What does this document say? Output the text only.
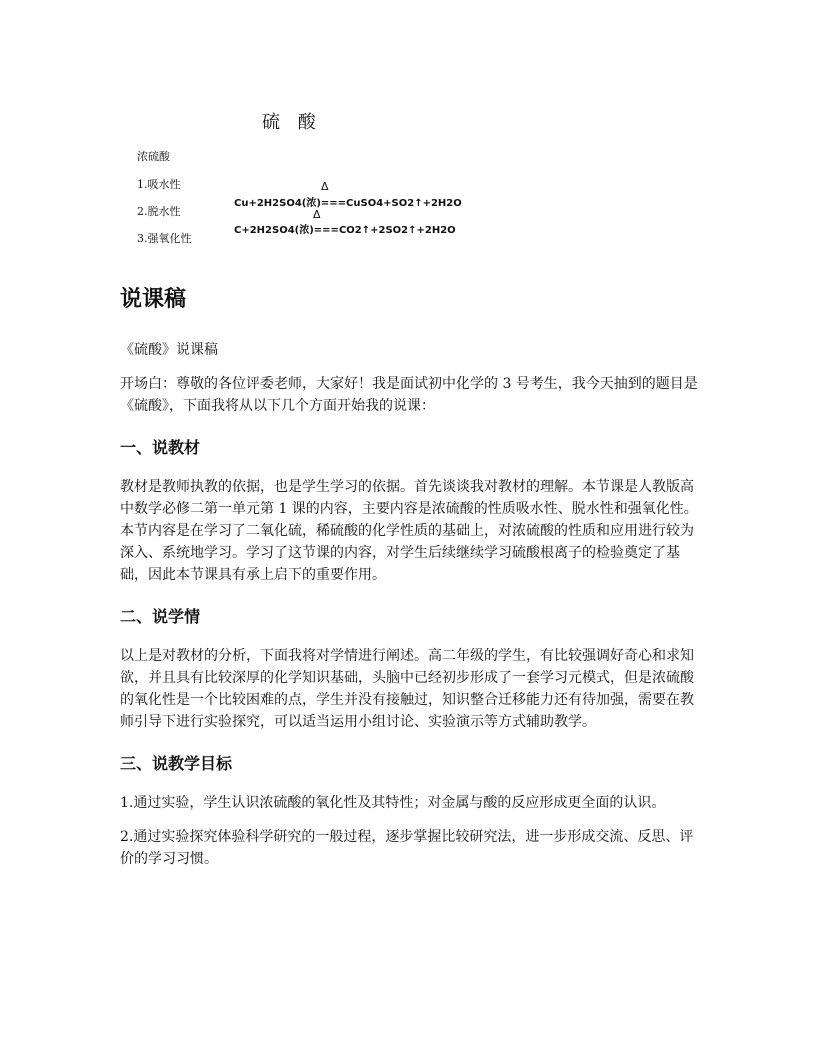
硫 酸
浓硫酸
1.吸水性
2.脱水性
3.强氧化性
Δ
Cu+2H2SO4(浓)===CuSO4+SO2↑+2H2O
Δ
C+2H2SO4(浓)===CO2↑+2SO2↑+2H2O
说课稿

《硫酸》说课稿

开场白：尊敬的各位评委老师，大家好！我是面试初中化学的 3 号考生，我今天抽到的题目是《硫酸》，下面我将从以下几个方面开始我的说课：

一、说教材

教材是教师执教的依据，也是学生学习的依据。首先谈谈我对教材的理解。本节课是人教版高中数学必修二第一单元第 1 课的内容，主要内容是浓硫酸的性质吸水性、脱水性和强氧化性。本节内容是在学习了二氧化硫，稀硫酸的化学性质的基础上，对浓硫酸的性质和应用进行较为深入、系统地学习。学习了这节课的内容，对学生后续继续学习硫酸根离子的检验奠定了基础，因此本节课具有承上启下的重要作用。

二、说学情

以上是对教材的分析，下面我将对学情进行阐述。高二年级的学生，有比较强调好奇心和求知欲，并且具有比较深厚的化学知识基础，头脑中已经初步形成了一套学习元模式，但是浓硫酸的氧化性是一个比较困难的点，学生并没有接触过，知识整合迁移能力还有待加强，需要在教师引导下进行实验探究，可以适当运用小组讨论、实验演示等方式辅助教学。

三、说教学目标

1.通过实验，学生认识浓硫酸的氧化性及其特性；对金属与酸的反应形成更全面的认识。

2.通过实验探究体验科学研究的一般过程，逐步掌握比较研究法，进一步形成交流、反思、评价的学习习惯。
